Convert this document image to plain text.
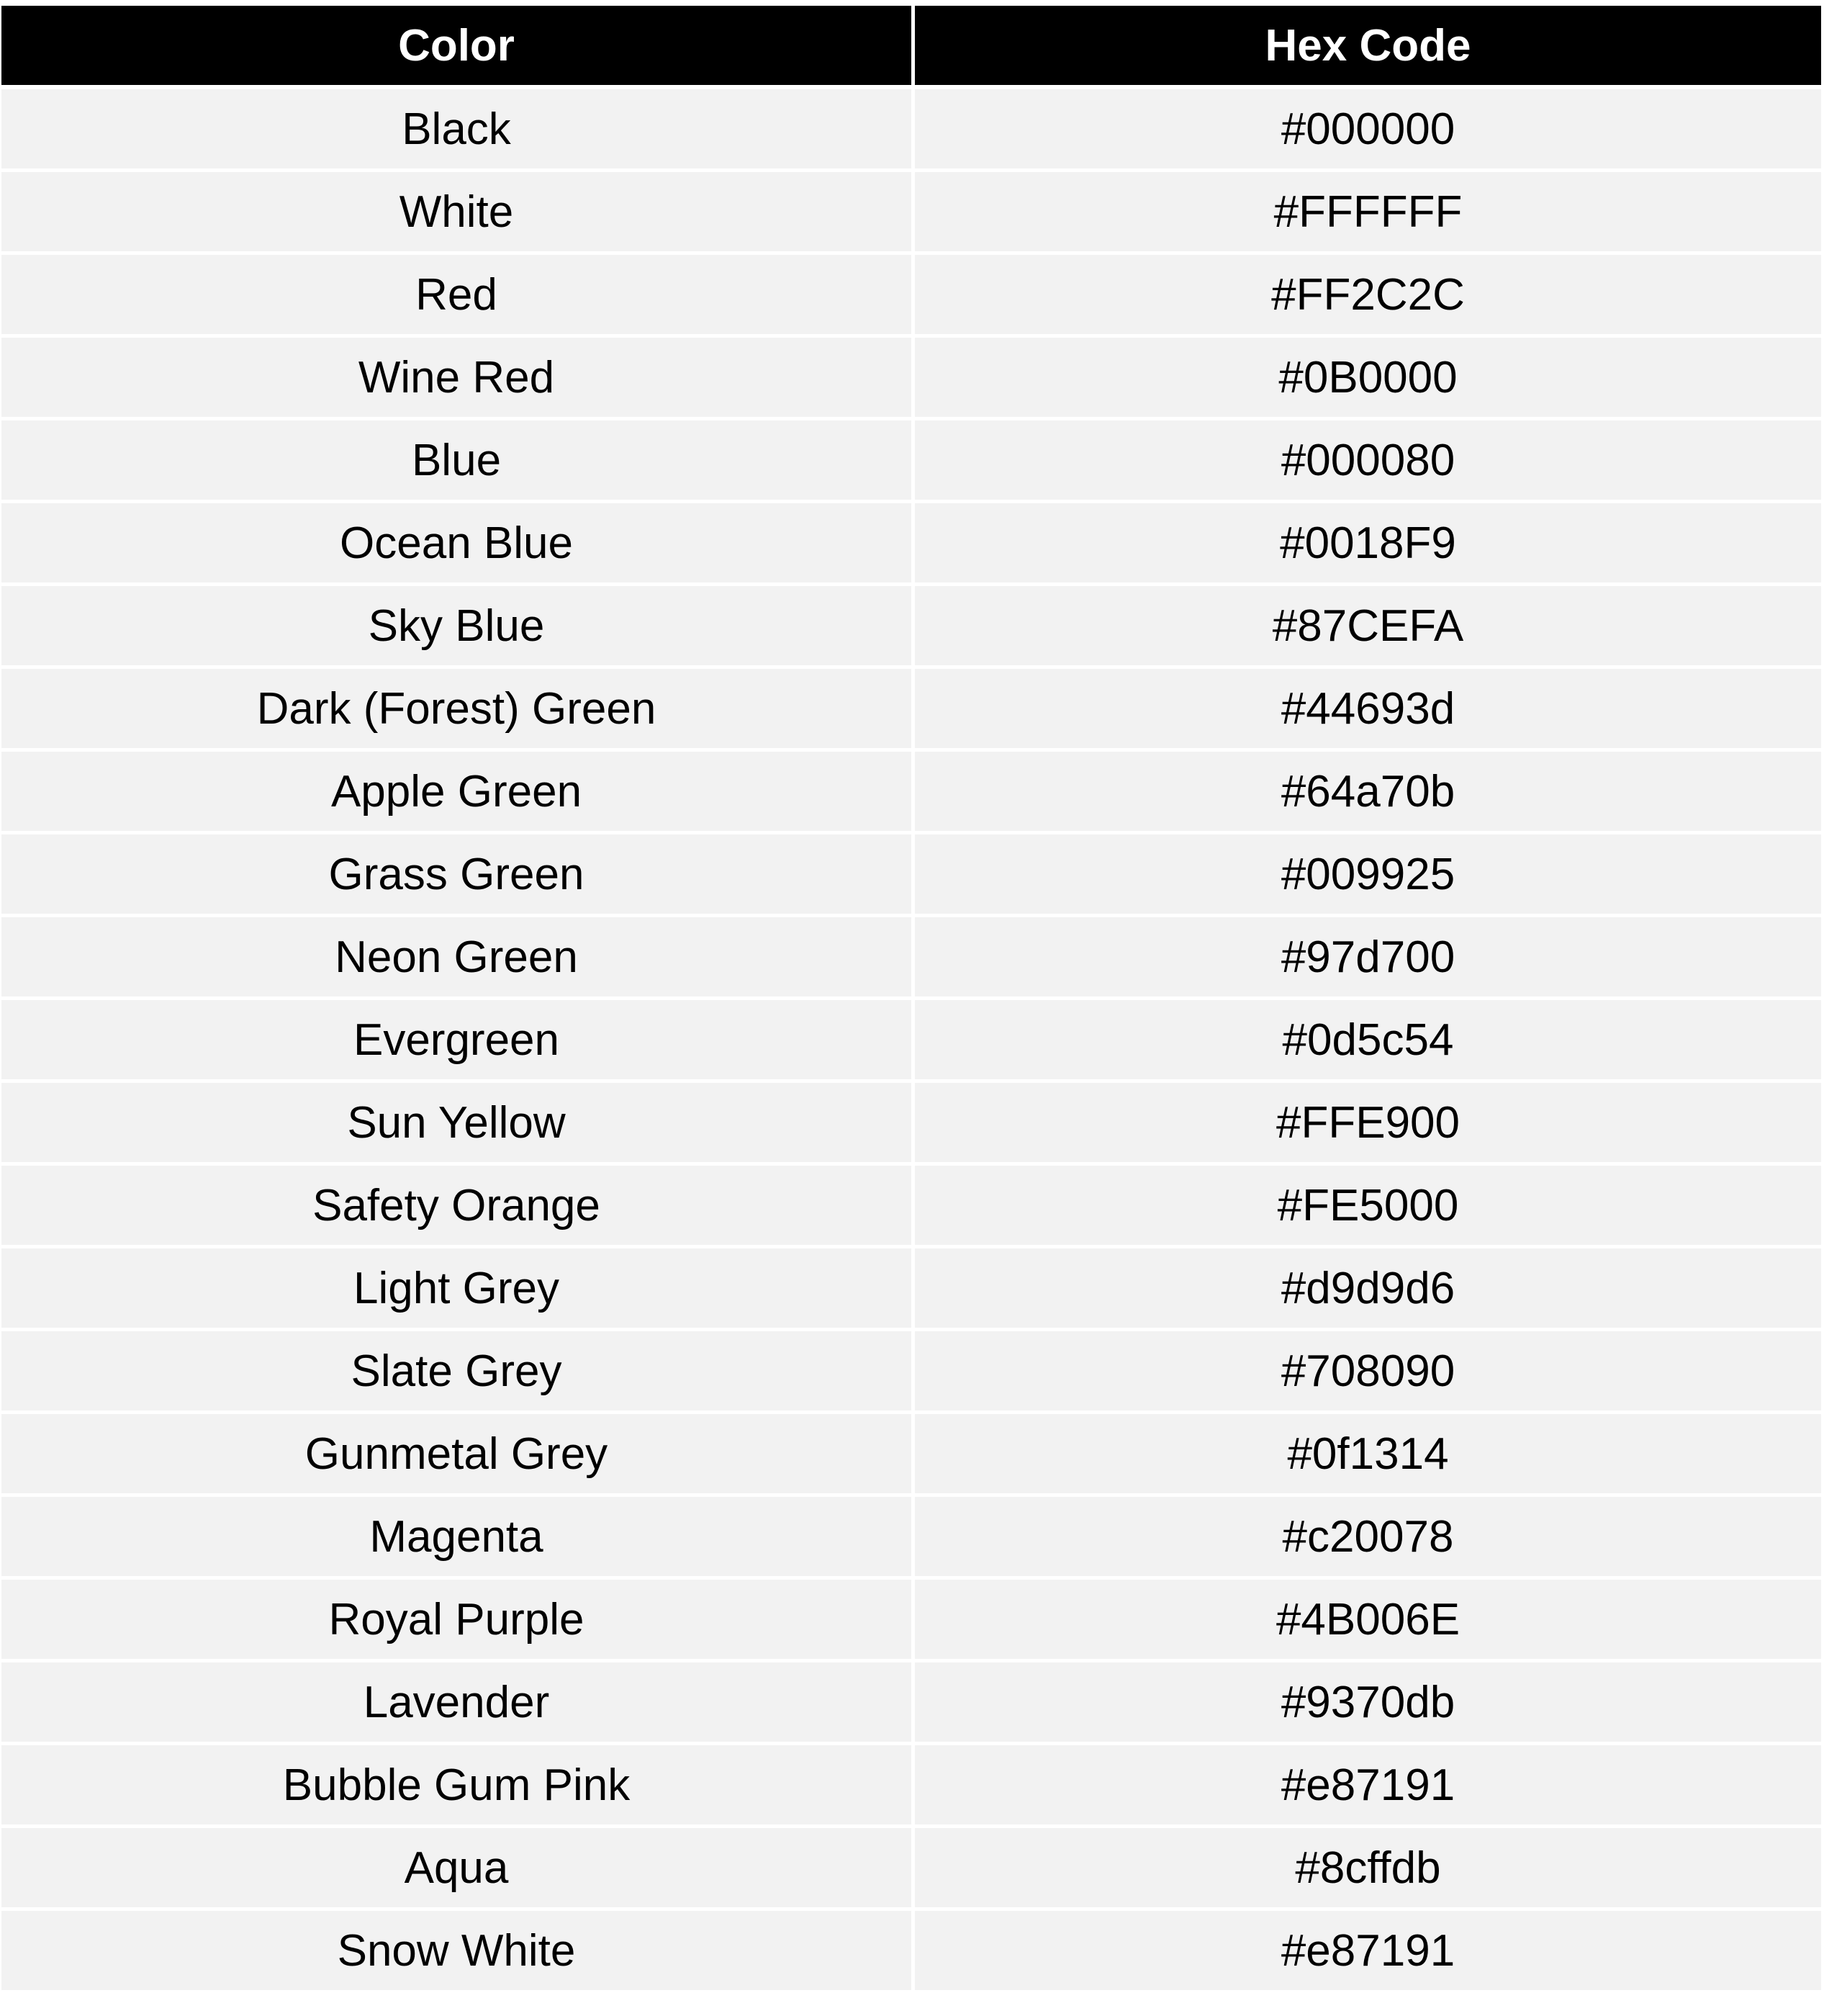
Color	Hex Code
Black	#000000
White	#FFFFFF
Red	#FF2C2C
Wine Red	#0B0000
Blue	#000080
Ocean Blue	#0018F9
Sky Blue	#87CEFA
Dark (Forest) Green	#44693d
Apple Green	#64a70b
Grass Green	#009925
Neon Green	#97d700
Evergreen	#0d5c54
Sun Yellow	#FFE900
Safety Orange	#FE5000
Light Grey	#d9d9d6
Slate Grey	#708090
Gunmetal Grey	#0f1314
Magenta	#c20078
Royal Purple	#4B006E
Lavender	#9370db
Bubble Gum Pink	#e87191
Aqua	#8cffdb
Snow White	#e87191
